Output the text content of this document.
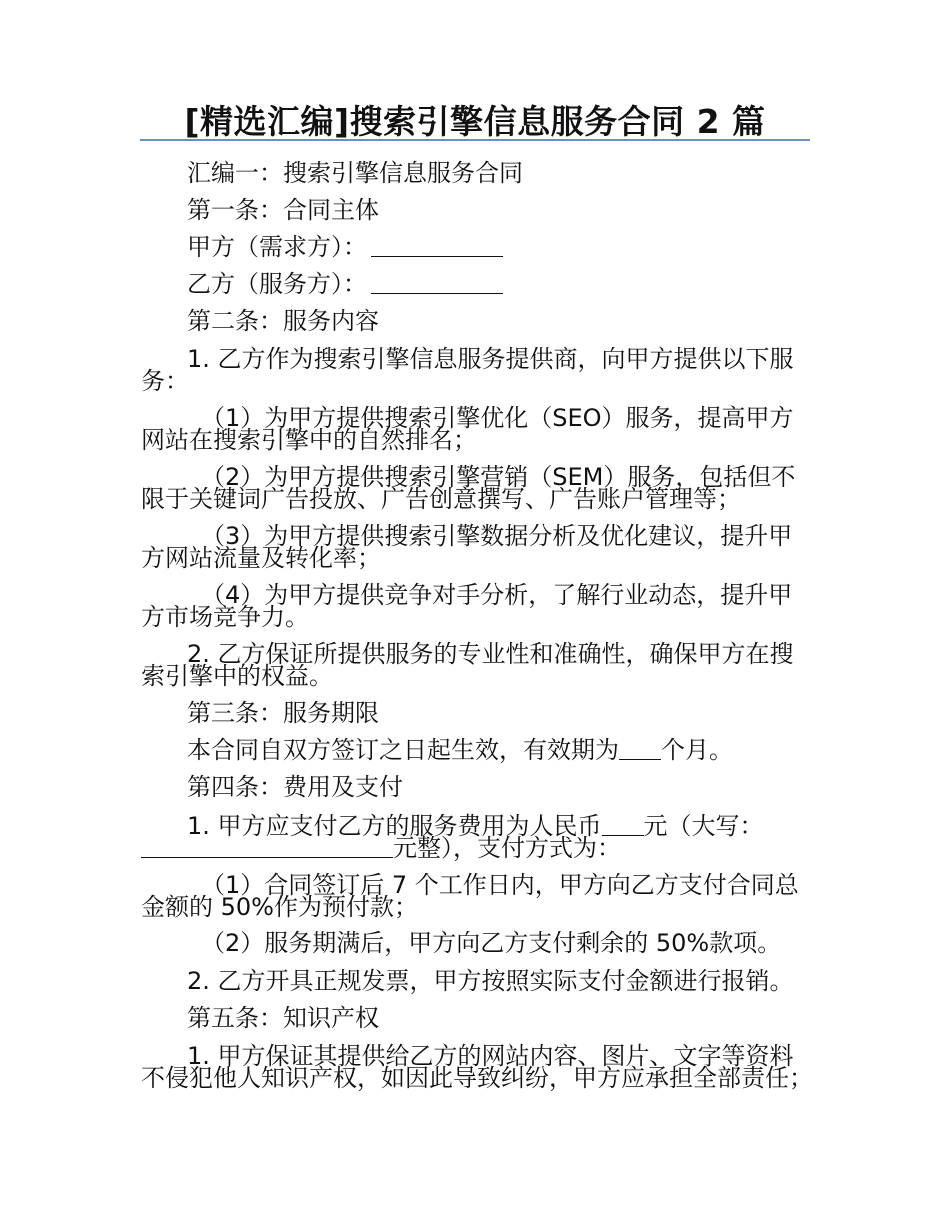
[精选汇编]搜索引擎信息服务合同 2 篇

汇编一：搜索引擎信息服务合同

第一条：合同主体

甲方（需求方）：

乙方（服务方）：

第二条：服务内容

1. 乙方作为搜索引擎信息服务提供商，向甲方提供以下服务：

（1）为甲方提供搜索引擎优化（SEO）服务，提高甲方网站在搜索引擎中的自然排名；

（2）为甲方提供搜索引擎营销（SEM）服务，包括但不限于关键词广告投放、广告创意撰写、广告账户管理等；

（3）为甲方提供搜索引擎数据分析及优化建议，提升甲方网站流量及转化率；

（4）为甲方提供竞争对手分析，了解行业动态，提升甲方市场竞争力。

2. 乙方保证所提供服务的专业性和准确性，确保甲方在搜索引擎中的权益。

第三条：服务期限

本合同自双方签订之日起生效，有效期为 个月。

第四条：费用及支付

1. 甲方应支付乙方的服务费用为人民币 元（大写：元整），支付方式为：

（1）合同签订后 7 个工作日内，甲方向乙方支付合同总金额的 50%作为预付款；

（2）服务期满后，甲方向乙方支付剩余的 50%款项。

2. 乙方开具正规发票，甲方按照实际支付金额进行报销。

第五条：知识产权

1. 甲方保证其提供给乙方的网站内容、图片、文字等资料不侵犯他人知识产权，如因此导致纠纷，甲方应承担全部责任；
